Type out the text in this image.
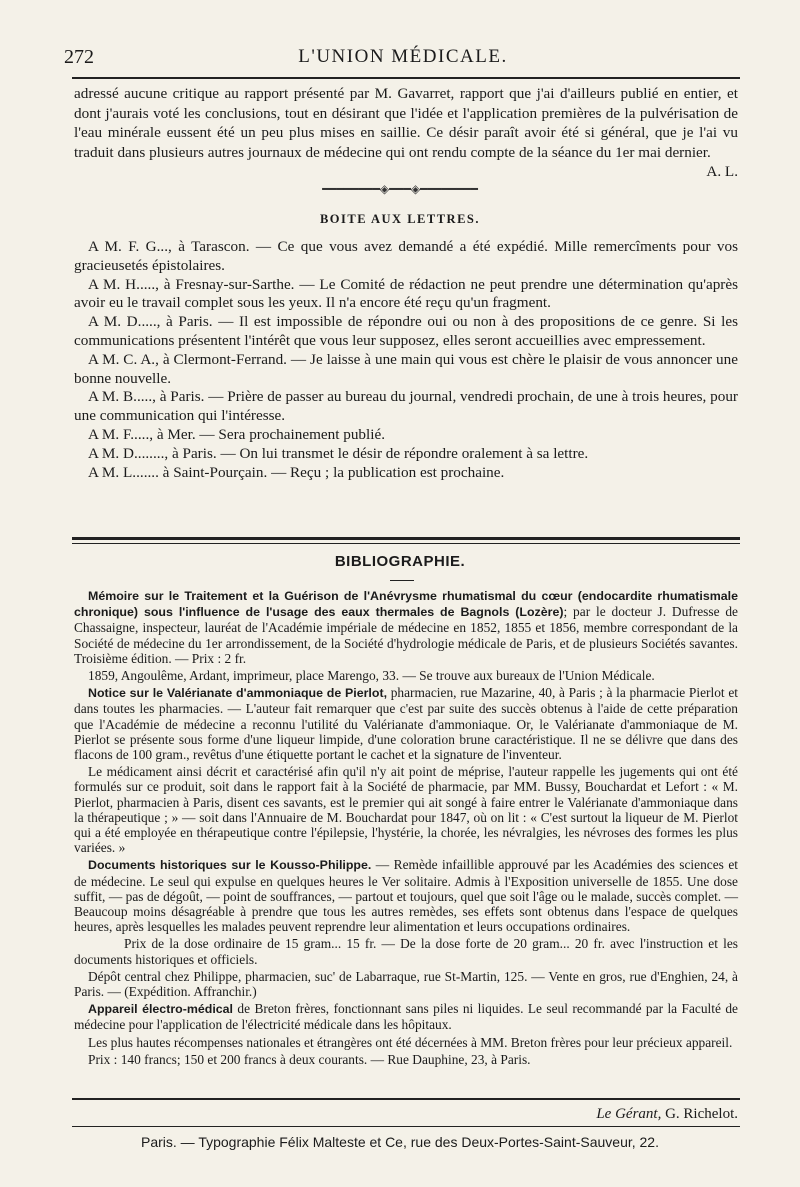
272	L'UNION MÉDICALE.

adressé aucune critique au rapport présenté par M. Gavarret, rapport que j'ai d'ailleurs publié en entier, et dont j'aurais voté les conclusions, tout en désirant que l'idée et l'application premières de la pulvérisation de l'eau minérale eussent été un peu plus mises en saillie. Ce désir paraît avoir été si général, que je l'ai vu traduit dans plusieurs autres journaux de médecine qui ont rendu compte de la séance du 1er mai dernier.
A. L.

━━━━━━━━◈━━━◈━━━━━━━━
BOITE AUX LETTRES.

A M. F. G..., à Tarascon. — Ce que vous avez demandé a été expédié. Mille remercîments pour vos gracieusetés épistolaires.

A M. H....., à Fresnay-sur-Sarthe. — Le Comité de rédaction ne peut prendre une détermination qu'après avoir eu le travail complet sous les yeux. Il n'a encore été reçu qu'un fragment.

A M. D....., à Paris. — Il est impossible de répondre oui ou non à des propositions de ce genre. Si les communications présentent l'intérêt que vous leur supposez, elles seront accueillies avec empressement.

A M. C. A., à Clermont-Ferrand. — Je laisse à une main qui vous est chère le plaisir de vous annoncer une bonne nouvelle.

A M. B....., à Paris. — Prière de passer au bureau du journal, vendredi prochain, de une à trois heures, pour une communication qui l'intéresse.

A M. F....., à Mer. — Sera prochainement publié.

A M. D........, à Paris. — On lui transmet le désir de répondre oralement à sa lettre.

A M. L....... à Saint-Pourçain. — Reçu ; la publication est prochaine.

BIBLIOGRAPHIE.

Mémoire sur le Traitement et la Guérison de l'Anévrysme rhumatismal du cœur (endocardite rhumatismale chronique) sous l'influence de l'usage des eaux thermales de Bagnols (Lozère); par le docteur J. Dufresse de Chassaigne, inspecteur, lauréat de l'Académie impériale de médecine en 1852, 1855 et 1856, membre correspondant de la Société de médecine du 1er arrondissement, de la Société d'hydrologie médicale de Paris, et de plusieurs Sociétés savantes. Troisième édition. — Prix : 2 fr.

1859, Angoulême, Ardant, imprimeur, place Marengo, 33. — Se trouve aux bureaux de l'Union Médicale.

Notice sur le Valérianate d'ammoniaque de Pierlot, pharmacien, rue Mazarine, 40, à Paris ; à la pharmacie Pierlot et dans toutes les pharmacies. — L'auteur fait remarquer que c'est par suite des succès obtenus à l'aide de cette préparation que l'Académie de médecine a reconnu l'utilité du Valérianate d'ammoniaque. Or, le Valérianate d'ammoniaque de M. Pierlot se présente sous forme d'une liqueur limpide, d'une coloration brune caractéristique. Il ne se délivre que dans des flacons de 100 gram., revêtus d'une étiquette portant le cachet et la signature de l'inventeur.

Le médicament ainsi décrit et caractérisé afin qu'il n'y ait point de méprise, l'auteur rappelle les jugements qui ont été formulés sur ce produit, soit dans le rapport fait à la Société de pharmacie, par MM. Bussy, Bouchardat et Lefort : « M. Pierlot, pharmacien à Paris, disent ces savants, est le premier qui ait songé à faire entrer le Valérianate d'ammoniaque dans la thérapeutique ; » — soit dans l'Annuaire de M. Bouchardat pour 1847, où on lit : « C'est surtout la liqueur de M. Pierlot qui a été employée en thérapeutique contre l'épilepsie, l'hystérie, la chorée, les névralgies, les névroses des formes les plus variées. »

Documents historiques sur le Kousso-Philippe. — Remède infaillible approuvé par les Académies des sciences et de médecine. Le seul qui expulse en quelques heures le Ver solitaire. Admis à l'Exposition universelle de 1855. Une dose suffit, — pas de dégoût, — point de souffrances, — partout et toujours, quel que soit l'âge ou le malade, succès complet. — Beaucoup moins désagréable à prendre que tous les autres remèdes, ses effets sont obtenus dans l'espace de quelques heures, après lesquelles les malades peuvent reprendre leur alimentation et leurs occupations ordinaires.

Prix de la dose ordinaire de 15 gram... 15 fr. — De la dose forte de 20 gram... 20 fr. avec l'instruction et les documents historiques et officiels.

Dépôt central chez Philippe, pharmacien, suc' de Labarraque, rue St-Martin, 125. — Vente en gros, rue d'Enghien, 24, à Paris. — (Expédition. Affranchir.)

Appareil électro-médical de Breton frères, fonctionnant sans piles ni liquides. Le seul recommandé par la Faculté de médecine pour l'application de l'électricité médicale dans les hôpitaux.

Les plus hautes récompenses nationales et étrangères ont été décernées à MM. Breton frères pour leur précieux appareil.

Prix : 140 francs; 150 et 200 francs à deux courants. — Rue Dauphine, 23, à Paris.

Le Gérant, G. Richelot.
Paris. — Typographie Félix Malteste et Ce, rue des Deux-Portes-Saint-Sauveur, 22.
